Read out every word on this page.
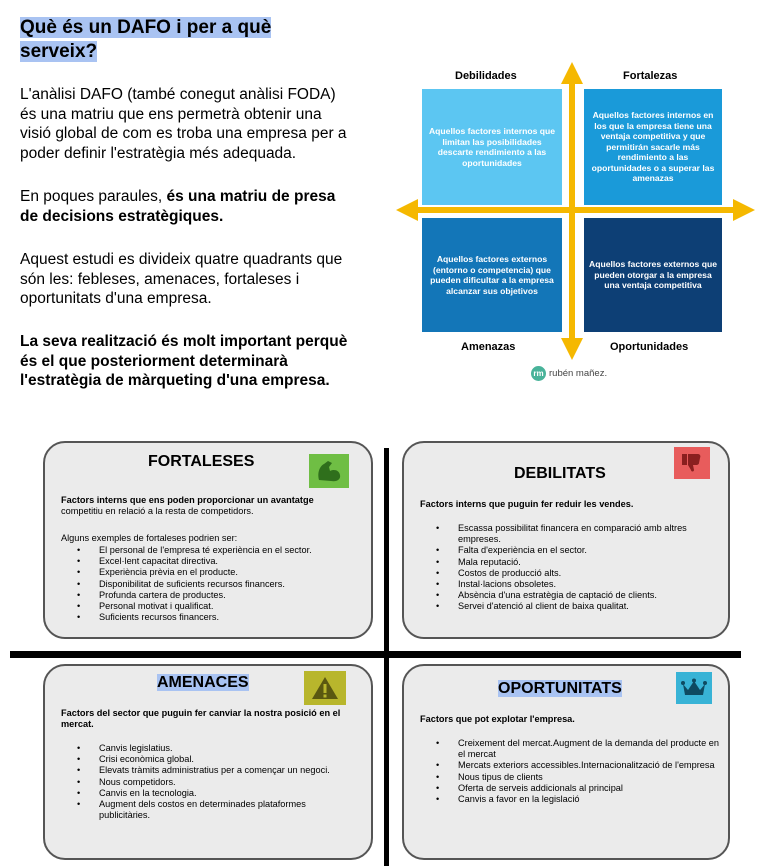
Què és un DAFO i per a què
serveix?
L'anàlisi DAFO (també conegut anàlisi FODA)
és una matriu que ens permetrà obtenir una
visió global de com es troba una empresa per a
poder definir l'estratègia més adequada.
En poques paraules, és una matriu de presa
de decisions estratègiques.
Aquest estudi es divideix quatre quadrants que
són les: febleses, amenaces, fortaleses i
oportunitats d'una empresa.
La seva realització és molt important perquè
és el que posteriorment determinarà
l'estratègia de màrqueting d'una empresa.
Debilidades	Fortalezas
Aquellos factores internos que limitan las posibilidades descarte rendimiento a las oportunidades
Aquellos factores internos en los que la empresa tiene una ventaja competitiva y que permitirán sacarle más rendimiento a las oportunidades o a superar las amenazas
Aquellos factores externos (entorno o competencia) que pueden dificultar a la empresa alcanzar sus objetivos
Aquellos factores externos que pueden otorgar a la empresa una ventaja competitiva
Amenazas	Oportunidades
rm rubén mañez.
FORTALESES
Factors interns que ens poden proporcionar un avantatge competitiu en relació a la resta de competidors.
Alguns exemples de fortaleses podrien ser:
• El personal de l'empresa té experiència en el sector.
• Excel·lent capacitat directiva.
• Experiència prèvia en el producte.
• Disponibilitat de suficients recursos financers.
• Profunda cartera de productes.
• Personal motivat i qualificat.
• Suficients recursos financers.
DEBILITATS
Factors interns que puguin fer reduir les vendes.
• Escassa possibilitat financera en comparació amb altres empreses.
• Falta d'experiència en el sector.
• Mala reputació.
• Costos de producció alts.
• Instal·lacions obsoletes.
• Absència d'una estratègia de captació de clients.
• Servei d'atenció al client de baixa qualitat.
AMENACES
Factors del sector que puguin fer canviar la nostra posició en el mercat.
• Canvis legislatius.
• Crisi econòmica global.
• Elevats tràmits administratius per a començar un negoci.
• Nous competidors.
• Canvis en la tecnologia.
• Augment dels costos en determinades plataformes publicitàries.
OPORTUNITATS
Factors que pot explotar l'empresa.
• Creixement del mercat.Augment de la demanda del producte en el mercat
• Mercats exteriors accessibles.Internacionalització de l'empresa
• Nous tipus de clients
• Oferta de serveis addicionals al principal
• Canvis a favor en la legislació
